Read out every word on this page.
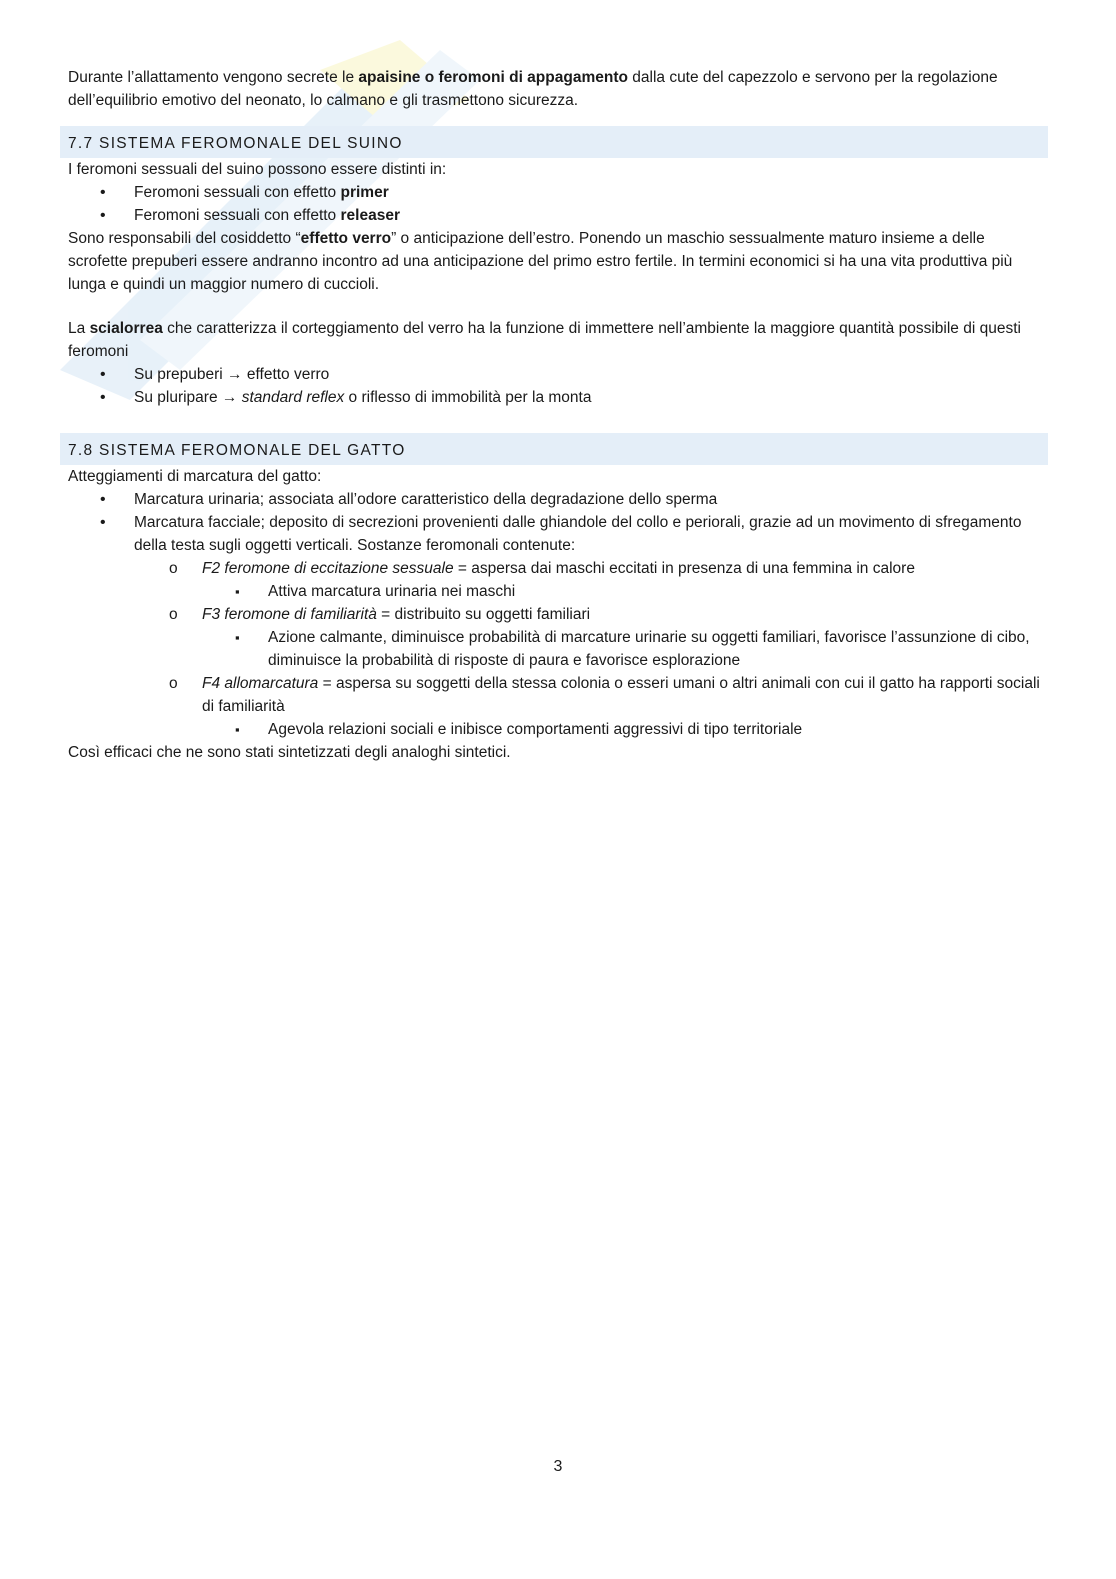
Durante l’allattamento vengono secrete le apaisine o feromoni di appagamento dalla cute del capezzolo e servono per la regolazione dell’equilibrio emotivo del neonato, lo calmano e gli trasmettono sicurezza.

7.7 SISTEMA FEROMONALE DEL SUINO

I feromoni sessuali del suino possono essere distinti in:

• Feromoni sessuali con effetto primer
• Feromoni sessuali con effetto releaser

Sono responsabili del cosiddetto “effetto verro” o anticipazione dell’estro. Ponendo un maschio sessualmente maturo insieme a delle scrofette prepuberi essere andranno incontro ad una anticipazione del primo estro fertile. In termini economici si ha una vita produttiva più lunga e quindi un maggior numero di cuccioli.

La scialorrea che caratterizza il corteggiamento del verro ha la funzione di immettere nell’ambiente la maggiore quantità possibile di questi feromoni

• Su prepuberi → effetto verro
• Su pluripare → standard reflex o riflesso di immobilità per la monta
7.8 SISTEMA FEROMONALE DEL GATTO

Atteggiamenti di marcatura del gatto:

• Marcatura urinaria; associata all’odore caratteristico della degradazione dello sperma
• Marcatura facciale; deposito di secrezioni provenienti dalle ghiandole del collo e periorali, grazie ad un movimento di sfregamento della testa sugli oggetti verticali. Sostanze feromonali contenute:
o F2 feromone di eccitazione sessuale = aspersa dai maschi eccitati in presenza di una femmina in calore
▪ Attiva marcatura urinaria nei maschi
o F3 feromone di familiarità = distribuito su oggetti familiari
▪ Azione calmante, diminuisce probabilità di marcature urinarie su oggetti familiari, favorisce l’assunzione di cibo, diminuisce la probabilità di risposte di paura e favorisce esplorazione
o F4 allomarcatura = aspersa su soggetti della stessa colonia o esseri umani o altri animali con cui il gatto ha rapporti sociali di familiarità
▪ Agevola relazioni sociali e inibisce comportamenti aggressivi di tipo territoriale

Così efficaci che ne sono stati sintetizzati degli analoghi sintetici.

3
